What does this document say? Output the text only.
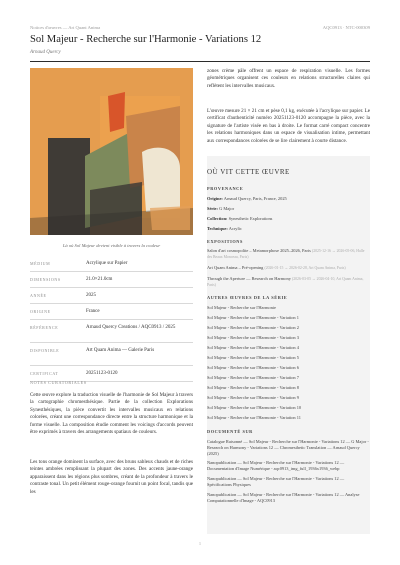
Notices d'œuvres — Art Quant Anima	AQC0913 · NTC-000309
Sol Majeur - Recherche sur l'Harmonie - Variations 12
Arnaud Quercy
Là où Sol Majeur devient visible à travers la couleur
MÉDIUM	Acrylique sur Papier
DIMENSIONS	21.0×21.0cm
ANNÉE	2025
ORIGINE	France
RÉFÉRENCE	Arnaud Quercy Creations / AQC0913 / 2025
DISPONIBLE	Art Quam Anima — Galerie Paris
CERTIFICAT	20251123-0120
NOTES CURATORIALES

Cette œuvre explore la traduction visuelle de l'harmonie de Sol Majeur à travers la cartographie chromesthésique. Partie de la collection Explorations Synesthésiques, la pièce convertit les intervalles musicaux en relations colorées, créant une correspondance directe entre la structure harmonique et la forme visuelle. La composition étudie comment les voicings d'accords peuvent être exprimés à travers des arrangements spatiaux de couleurs.

Les tons orange dominent la surface, avec des bruns sableux chauds et de riches teintes ambrées remplissant la plupart des zones. Des accents jaune-orange apparaissent dans les régions plus sombres, créant de la profondeur à travers le contraste tonal. Un petit élément rouge-orange fournit un point focal, tandis que les

zones crème pâle offrent un espace de respiration visuelle. Les formes géométriques organisent ces couleurs en relations structurelles claires qui reflètent les intervalles musicaux.

L'œuvre mesure 21 × 21 cm et pèse 0,1 kg, exécutée à l'acrylique sur papier. Le certificat d'authenticité numéro 20251123-0120 accompagne la pièce, avec la signature de l'artiste visée en bas à droite. Le format carré compact concentre les relations harmoniques dans un espace de visualisation intime, permettant aux correspondances colorées de se lire clairement à courte distance.

OÙ VIT CETTE ŒUVRE
PROVENANCE
Origine: Arnaud Quercy, Paris, France, 2025
Série: G Major
Collection: Synesthetic Explorations
Technique: Acrylic
EXPOSITIONS
Salon d'art cosmopolite – Metamorphose 2025–2026, Paris (2025-12-16 → 2026-05-06, Halle des Beaux Monceau, Paris)
Art Quam Anima – Pré-opening (2026-01-15 → 2026-02-28, Art Quam Anima, Paris)
Through the Aperture — Research on Harmony (2026-03-05 → 2026-04-10, Art Quam Anima, Paris)
AUTRES ŒUVRES DE LA SÉRIE
Sol Majeur - Recherche sur l'Harmonie
Sol Majeur - Recherche sur l'Harmonie - Variation 1
Sol Majeur - Recherche sur l'Harmonie - Variation 2
Sol Majeur - Recherche sur l'Harmonie - Variation 3
Sol Majeur - Recherche sur l'Harmonie - Variation 4
Sol Majeur - Recherche sur l'Harmonie - Variation 5
Sol Majeur - Recherche sur l'Harmonie - Variation 6
Sol Majeur - Recherche sur l'Harmonie - Variation 7
Sol Majeur - Recherche sur l'Harmonie - Variation 8
Sol Majeur - Recherche sur l'Harmonie - Variation 9
Sol Majeur - Recherche sur l'Harmonie - Variation 10
Sol Majeur - Recherche sur l'Harmonie - Variation 11
DOCUMENTÉ SUR
Catalogue Raisonné — Sol Majeur - Recherche sur l'Harmonie - Variations 12 — G Major - Research on Harmony - Variations 12 — Chromesthetic Translation — Arnaud Quercy (2025)
Nanopublication — Sol Majeur - Recherche sur l'Harmonie - Variations 12 — Documentation d'Image Numérique - aqc0913_img_full_1936x1936_webp
Nanopublication — Sol Majeur - Recherche sur l'Harmonie - Variations 12 — Spécifications Physiques
Nanopublication — Sol Majeur - Recherche sur l'Harmonie - Variations 12 — Analyse Computationnelle d'Image - AQC0913
1
